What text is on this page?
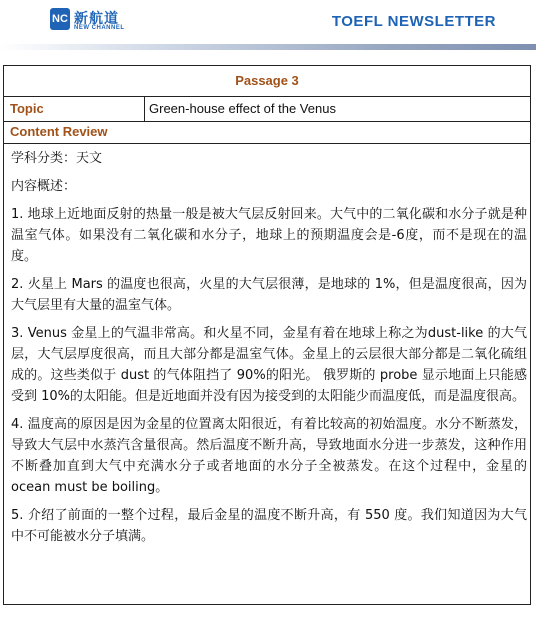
NC 新航道
NEW CHANNEL	TOEFL NEWSLETTER
Passage 3
Topic	Green-house effect of the Venus
Content Review

学科分类：天文

内容概述：

1. 地球上近地面反射的热量一般是被大气层反射回来。大气中的二氧化碳和水分子就是种温室气体。如果没有二氧化碳和水分子，地球上的预期温度会是-6度，而不是现在的温度。

2. 火星上 Mars 的温度也很高，火星的大气层很薄，是地球的 1%，但是温度很高，因为大气层里有大量的温室气体。

3. Venus 金星上的气温非常高。和火星不同，金星有着在地球上称之为dust-like 的大气层，大气层厚度很高，而且大部分都是温室气体。金星上的云层很大部分都是二氧化硫组成的。这些类似于 dust 的气体阻挡了 90%的阳光。 俄罗斯的 probe 显示地面上只能感受到 10%的太阳能。但是近地面并没有因为接受到的太阳能少而温度低，而是温度很高。

4. 温度高的原因是因为金星的位置离太阳很近，有着比较高的初始温度。水分不断蒸发，导致大气层中水蒸汽含量很高。然后温度不断升高，导致地面水分进一步蒸发，这种作用不断叠加直到大气中充满水分子或者地面的水分子全被蒸发。在这个过程中，金星的 ocean must be boiling。

5. 介绍了前面的一整个过程，最后金星的温度不断升高，有 550 度。我们知道因为大气中不可能被水分子填满。
